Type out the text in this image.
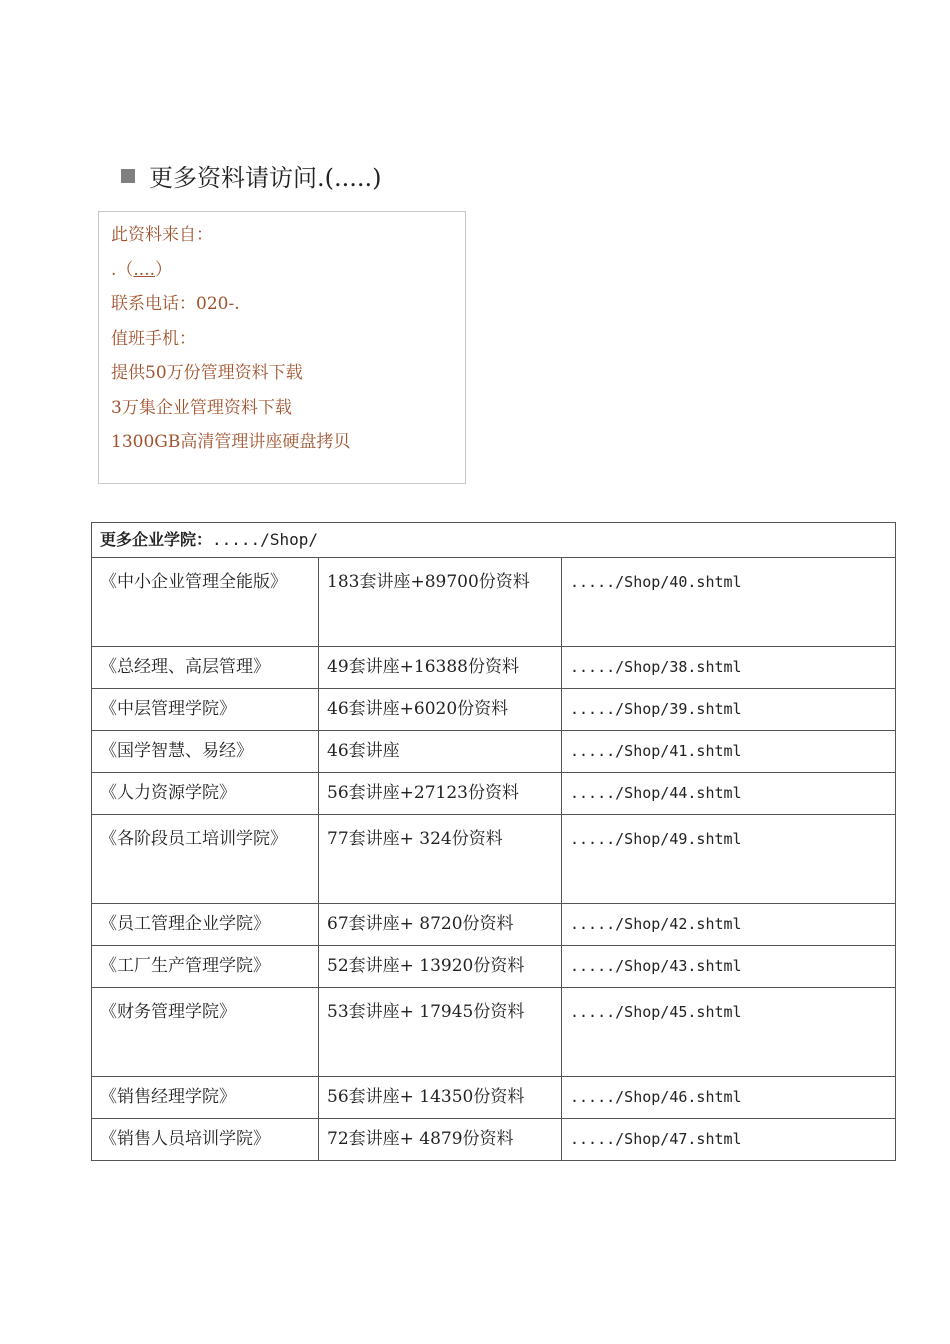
更多资料请访问.(.....)
此资料来自：
.（....）
联系电话：020-.
值班手机：
提供50万份管理资料下载
3万集企业管理资料下载
1300GB高清管理讲座硬盘拷贝
更多企业学院：...../Shop/		
《中小企业管理全能版》	183套讲座+89700份资料	...../Shop/40.shtml
《总经理、高层管理》	49套讲座+16388份资料	...../Shop/38.shtml
《中层管理学院》	46套讲座+6020份资料	...../Shop/39.shtml
《国学智慧、易经》	46套讲座	...../Shop/41.shtml
《人力资源学院》	56套讲座+27123份资料	...../Shop/44.shtml
《各阶段员工培训学院》	77套讲座+ 324份资料	...../Shop/49.shtml
《员工管理企业学院》	67套讲座+ 8720份资料	...../Shop/42.shtml
《工厂生产管理学院》	52套讲座+ 13920份资料	...../Shop/43.shtml
《财务管理学院》	53套讲座+ 17945份资料	...../Shop/45.shtml
《销售经理学院》	56套讲座+ 14350份资料	...../Shop/46.shtml
《销售人员培训学院》	72套讲座+ 4879份资料	...../Shop/47.shtml
